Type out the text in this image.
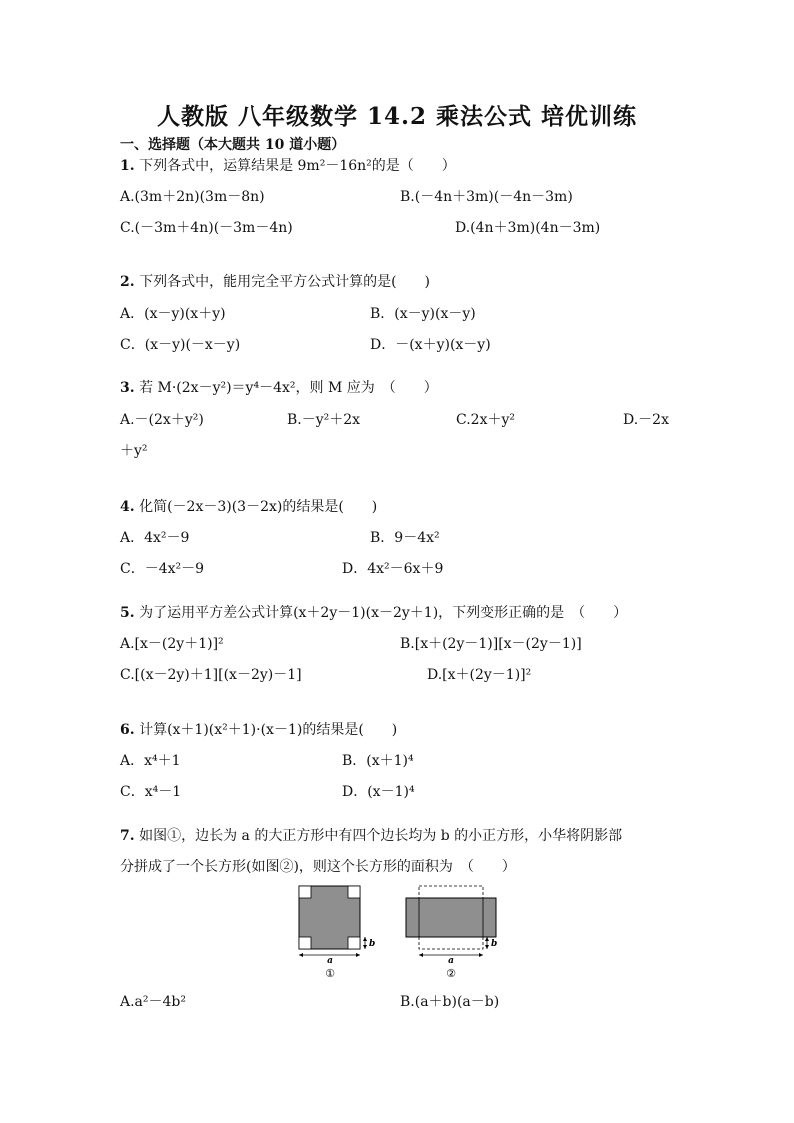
人教版 八年级数学 14.2 乘法公式 培优训练
一、选择题（本大题共 10 道小题）
1. 下列各式中，运算结果是 9m²－16n²的是（　　）
A.(3m＋2n)(3m－8n)	B.(－4n＋3m)(－4n－3m)
C.(－3m＋4n)(－3m－4n)	D.(4n＋3m)(4n－3m)
2. 下列各式中，能用完全平方公式计算的是(　　)
A．(x－y)(x＋y)	B．(x－y)(x－y)
C．(x－y)(－x－y)	D．－(x＋y)(x－y)
3. 若 M·(2x－y²)＝y⁴－4x²，则 M 应为　（　　）
A.－(2x＋y²)	B.－y²＋2x	C.2x＋y²	D.－2x
＋y²
4. 化简(－2x－3)(3－2x)的结果是(　　)
A．4x²－9	B．9－4x²
C．－4x²－9	D．4x²－6x＋9
5. 为了运用平方差公式计算(x＋2y－1)(x－2y＋1)，下列变形正确的是　（　　）
A.[x－(2y＋1)]²	B.[x＋(2y－1)][x－(2y－1)]
C.[(x－2y)＋1][(x－2y)－1]	D.[x＋(2y－1)]²
6. 计算(x＋1)(x²＋1)·(x－1)的结果是(　　)
A．x⁴＋1	B．(x＋1)⁴
C．x⁴－1	D．(x－1)⁴
7. 如图①，边长为 a 的大正方形中有四个边长均为 b 的小正方形，小华将阴影部
分拼成了一个长方形(如图②)，则这个长方形的面积为　（　　）
a
b
①
a
b
②
A.a²－4b²	B.(a＋b)(a－b)
